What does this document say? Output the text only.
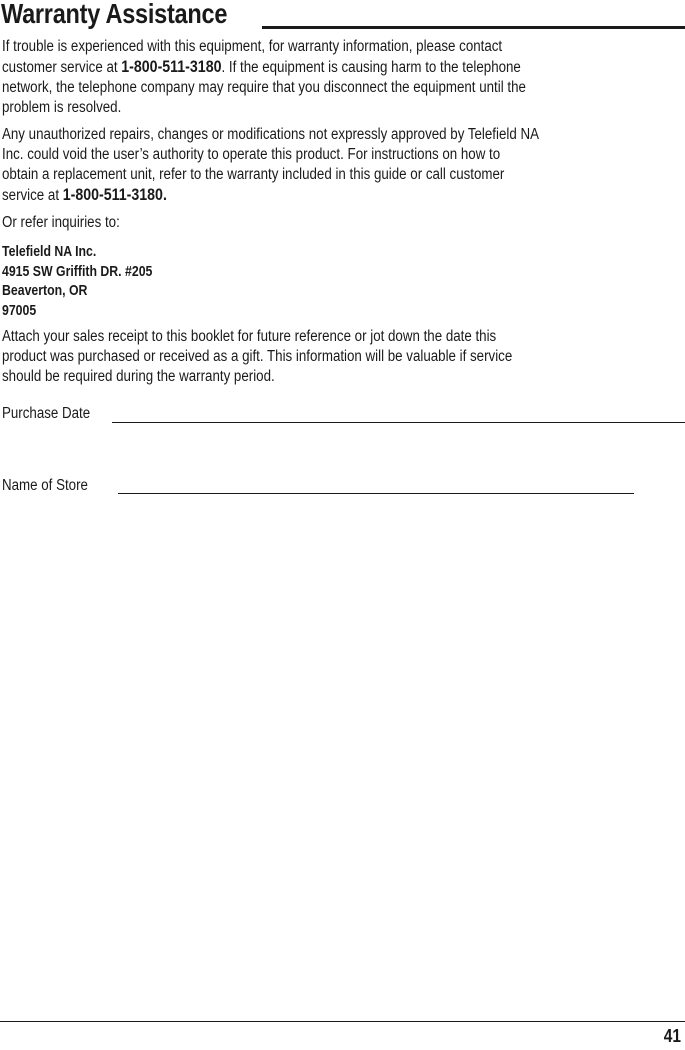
Warranty Assistance
If trouble is experienced with this equipment, for warranty information, please contact
customer service at 1-800-511-3180. If the equipment is causing harm to the telephone
network, the telephone company may require that you disconnect the equipment until the
problem is resolved.
Any unauthorized repairs, changes or modifications not expressly approved by Telefield NA
Inc. could void the user’s authority to operate this product. For instructions on how to
obtain a replacement unit, refer to the warranty included in this guide or call customer
service at 1-800-511-3180.
Or refer inquiries to:
Telefield NA Inc.
4915 SW Griffith DR. #205
Beaverton, OR
97005
Attach your sales receipt to this booklet for future reference or jot down the date this
product was purchased or received as a gift. This information will be valuable if service
should be required during the warranty period.
Purchase Date
Name of Store
41
